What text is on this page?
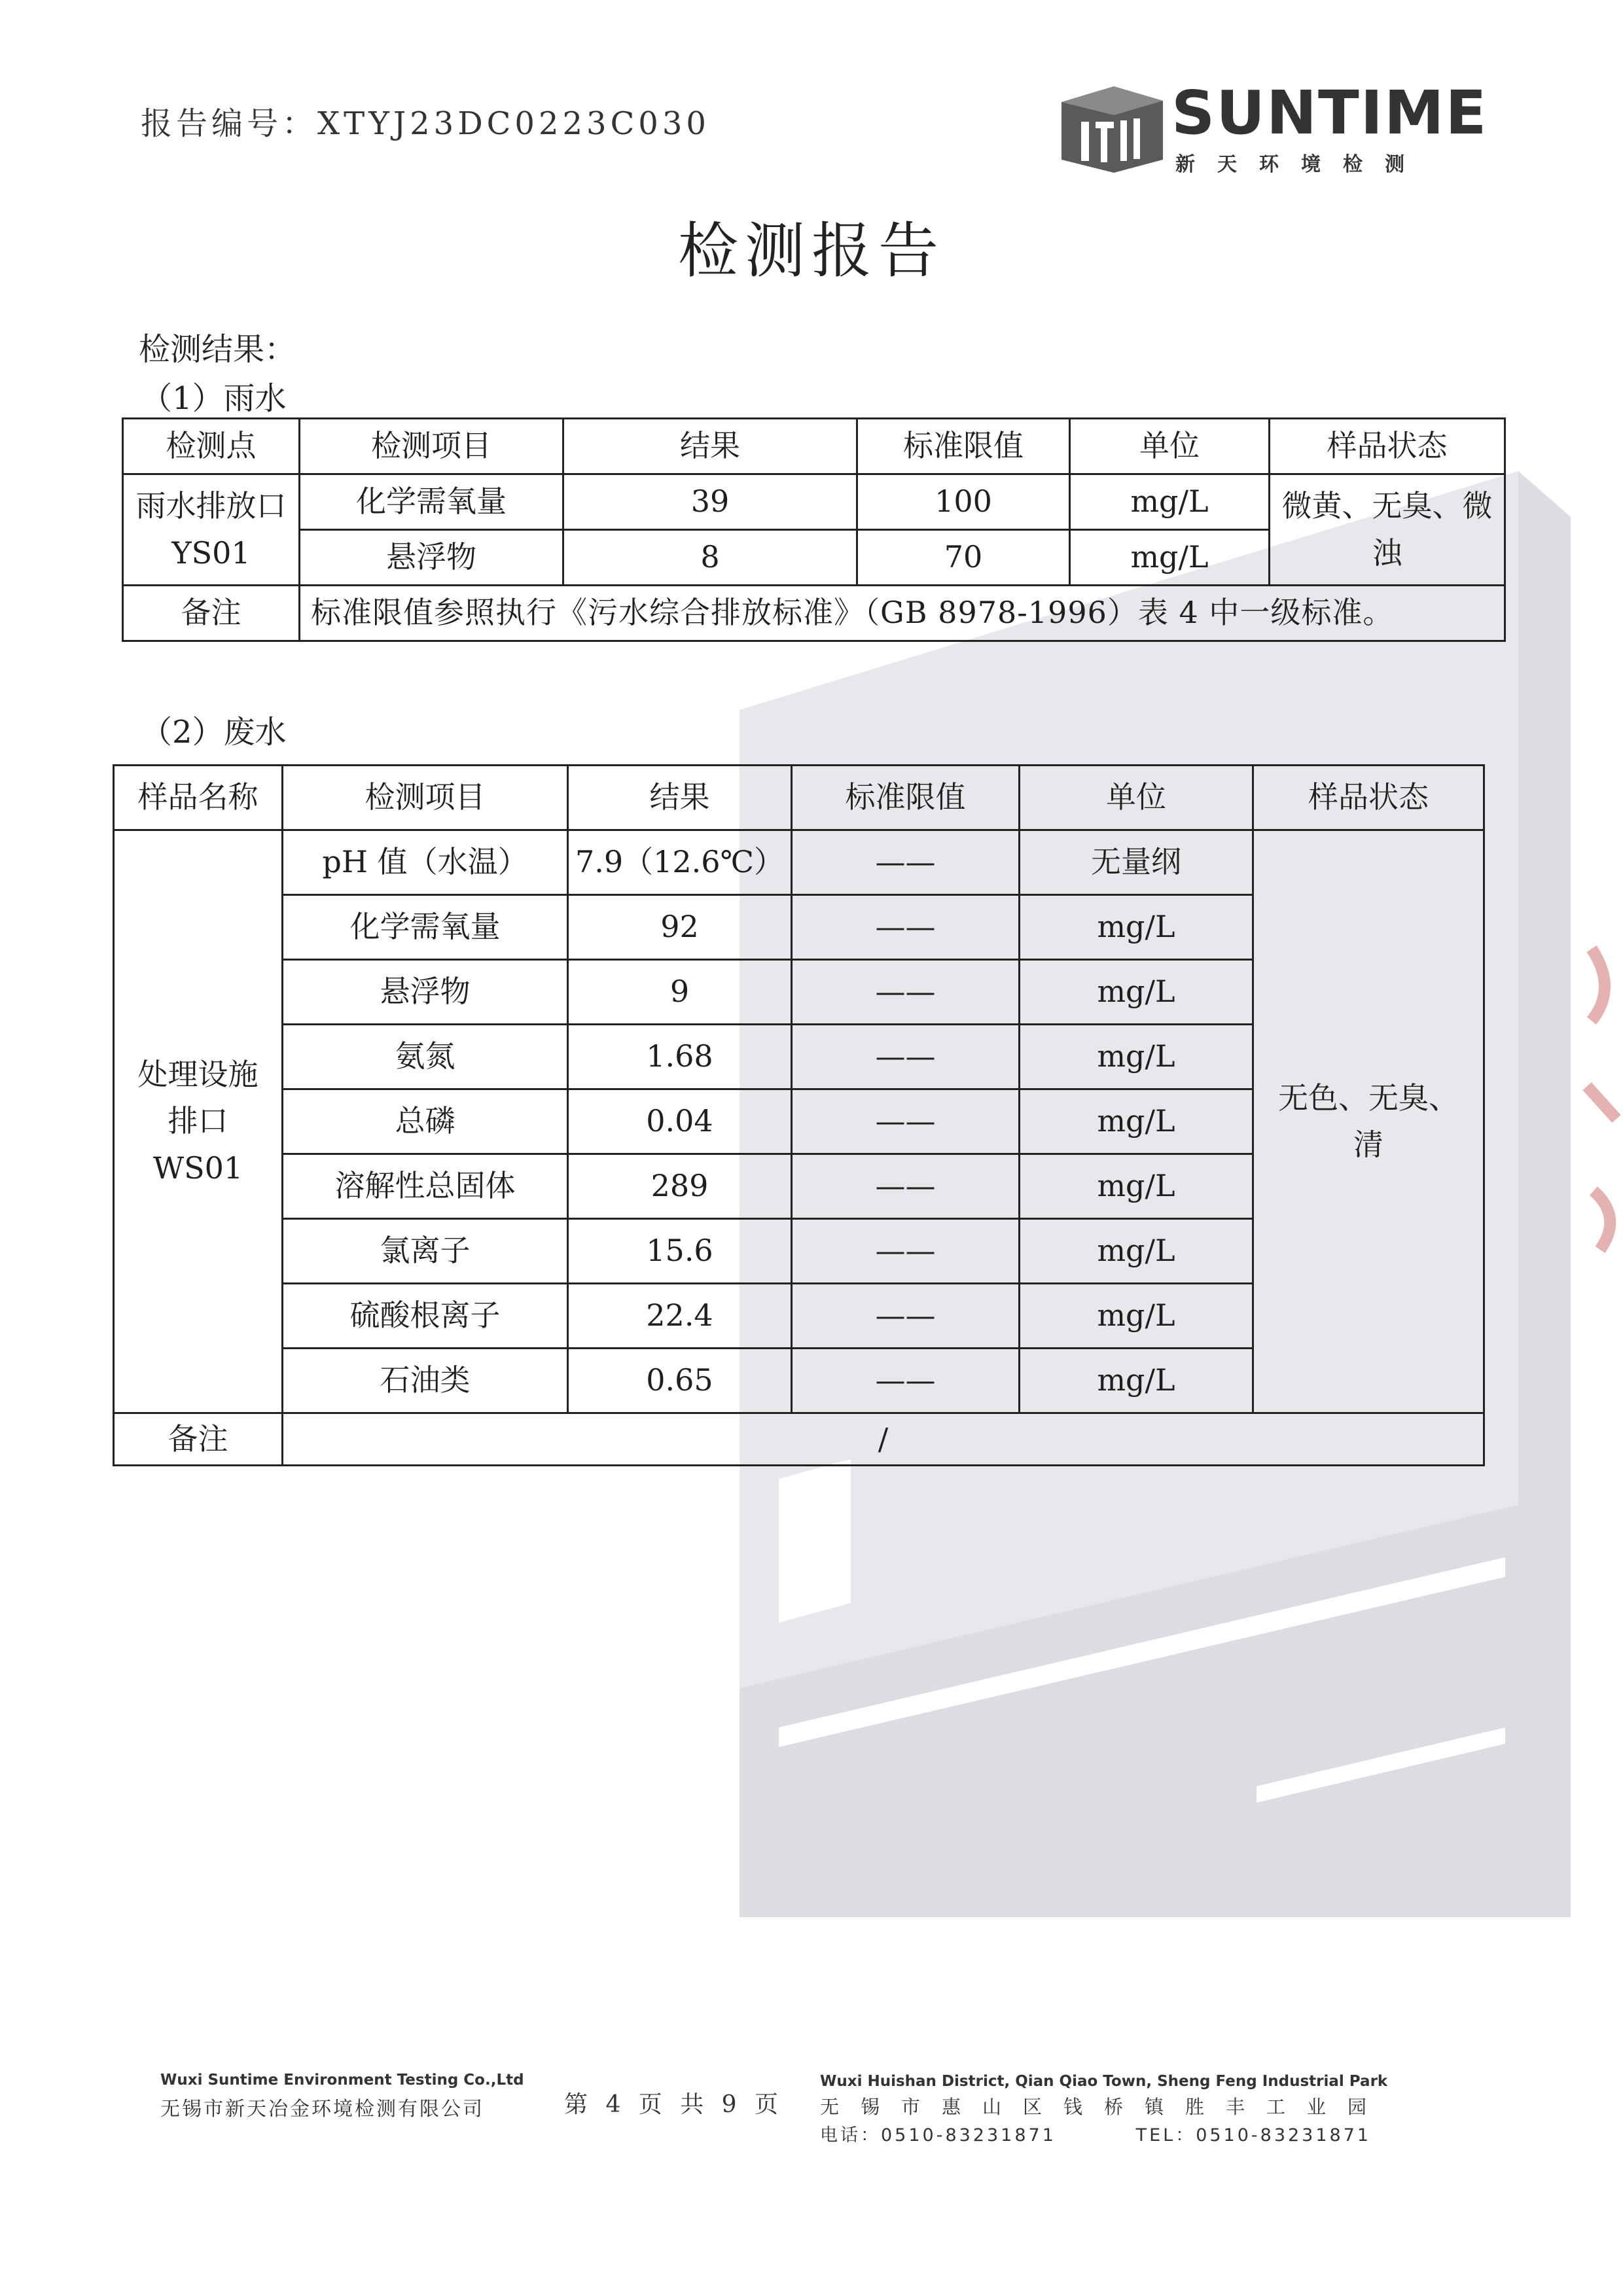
报告编号：XTYJ23DC0223C030	SUNTIME
新天环境检测
检测报告
检测结果：
（1）雨水
检测点	检测项目	结果	标准限值	单位	样品状态
雨水排放口 YS01	化学需氧量	39	100	mg/L	微黄、无臭、微浊
	悬浮物	8	70	mg/L	
备注	标准限值参照执行《污水综合排放标准》（GB 8978-1996）表 4 中一级标准。				
（2）废水
样品名称	检测项目	结果	标准限值	单位	样品状态
处理设施排口WS01	pH 值（水温）	7.9（12.6℃）	——	无量纲	无色、无臭、清
	化学需氧量	92	——	mg/L	
	悬浮物	9	——	mg/L	
	氨氮	1.68	——	mg/L	
	总磷	0.04	——	mg/L	
	溶解性总固体	289	——	mg/L	
	氯离子	15.6	——	mg/L	
	硫酸根离子	22.4	——	mg/L	
	石油类	0.65	——	mg/L	
备注	/				
Wuxi Suntime Environment Testing Co.,Ltd
无锡市新天冶金环境检测有限公司	第 4 页 共 9 页
Wuxi Huishan District, Qian Qiao Town, Sheng Feng Industrial Park
无锡市惠山区钱桥镇胜丰工业园
电话：0510-83231871	TEL：0510-83231871
